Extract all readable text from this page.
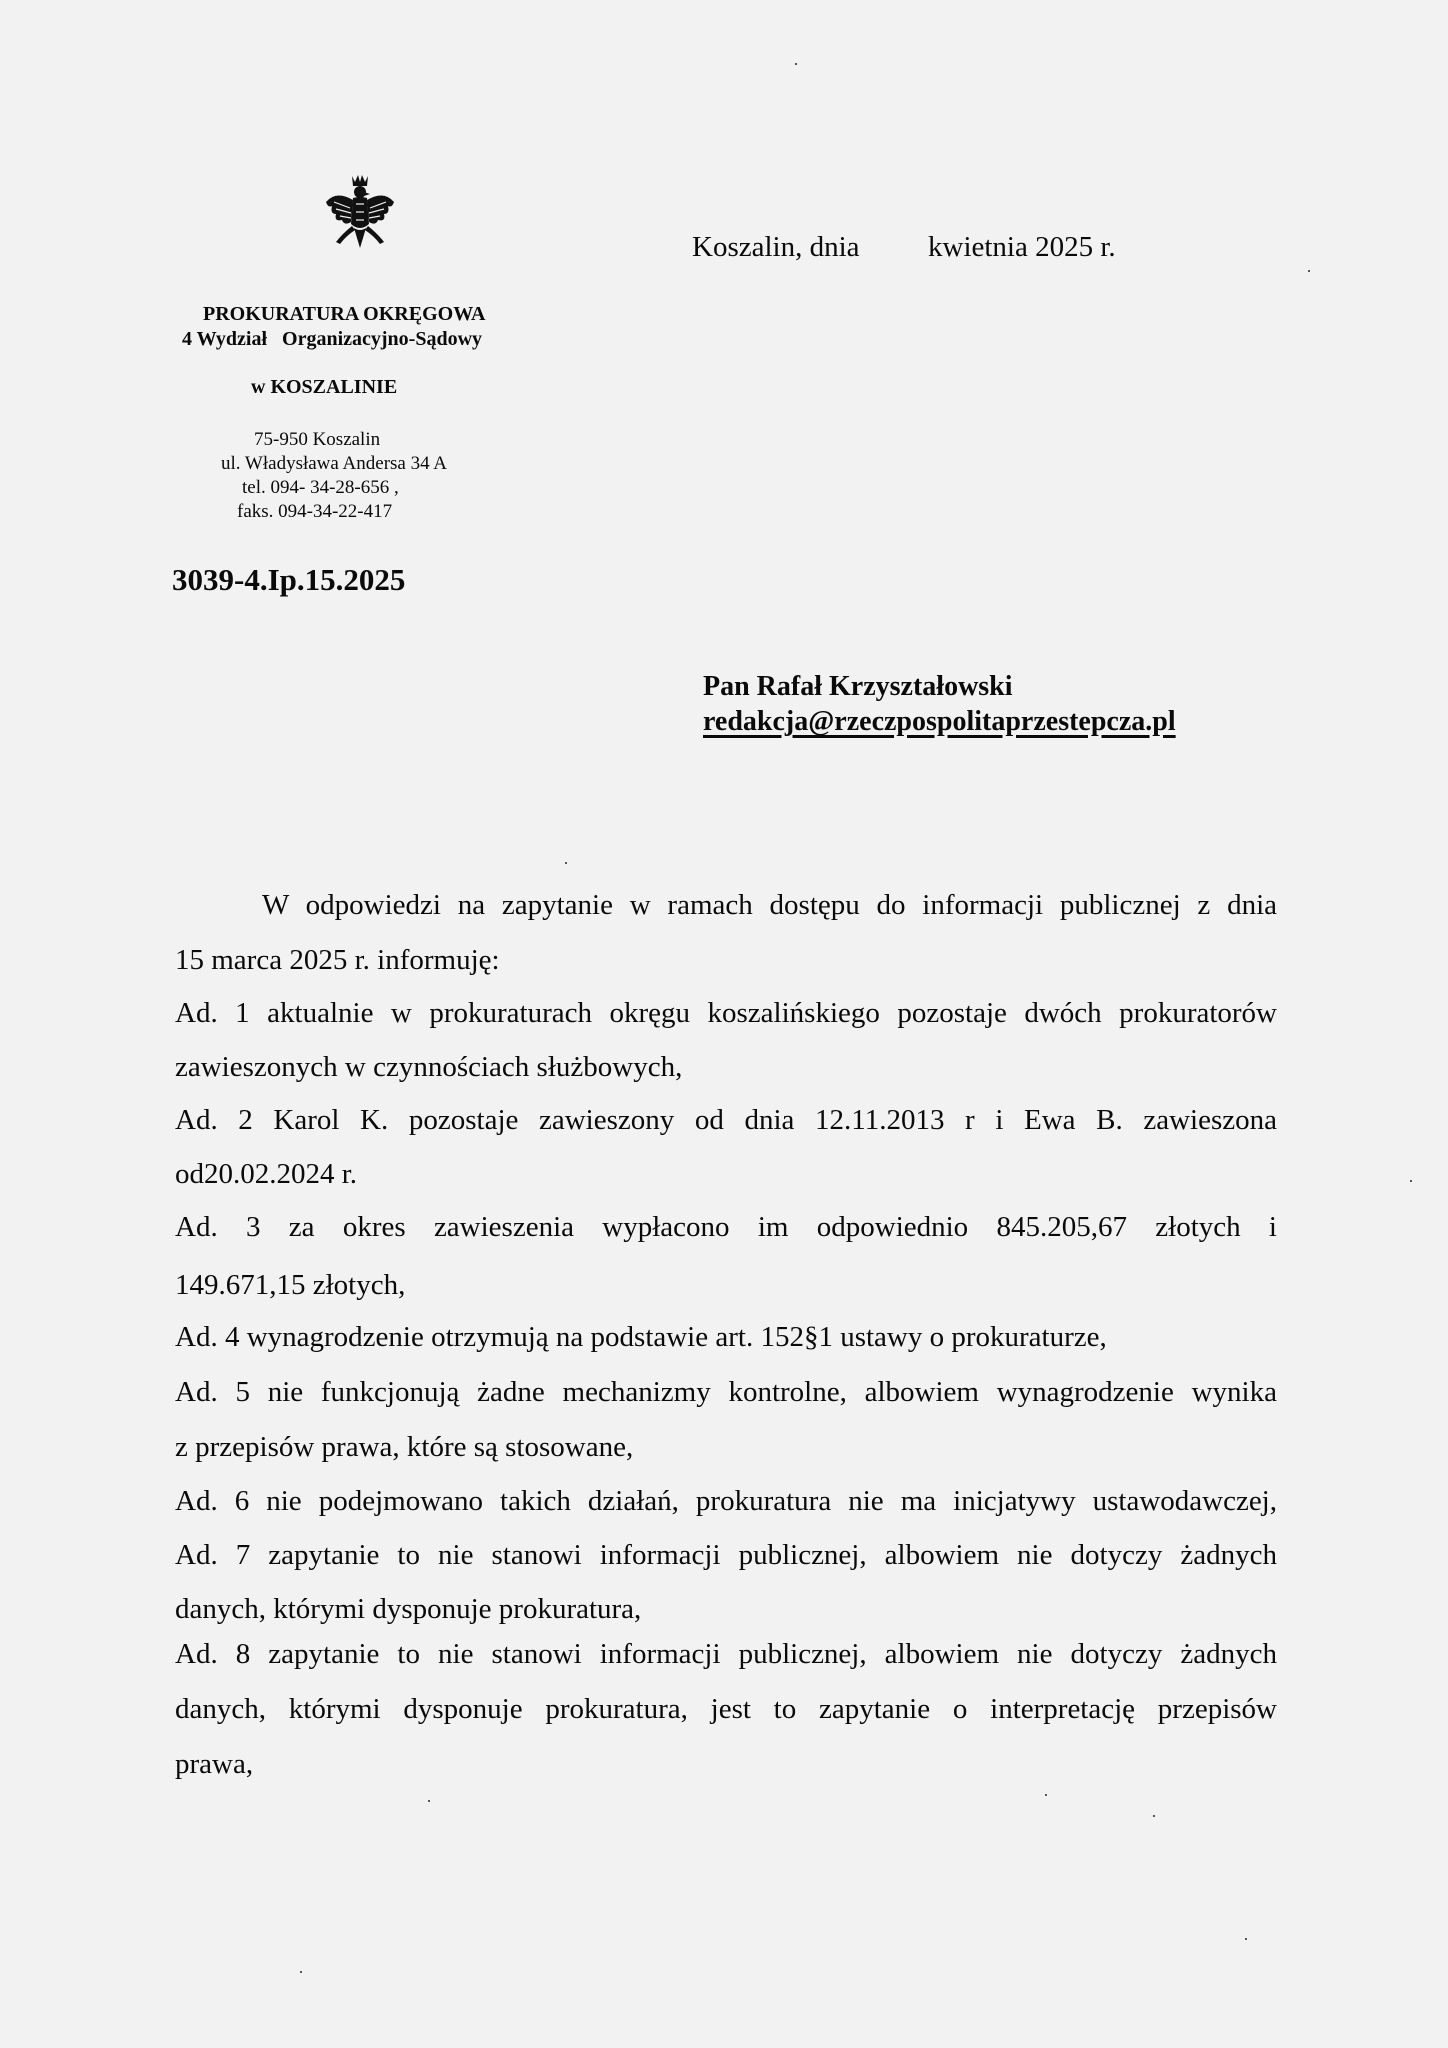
PROKURATURA OKRĘGOWA
4 Wydział   Organizacyjno-Sądowy
w KOSZALINIE
75-950 Koszalin
ul. Władysława Andersa 34 A
tel. 094- 34-28-656 ,
faks. 094-34-22-417
3039-4.Ip.15.2025
Koszalin, dnia kwietnia 2025 r.
Pan Rafał Krzyształowski
redakcja@rzeczpospolitaprzestepcza.pl
W odpowiedzi na zapytanie w ramach dostępu do informacji publicznej z dnia
15 marca 2025 r. informuję:
Ad. 1 aktualnie w prokuraturach okręgu koszalińskiego pozostaje dwóch prokuratorów
zawieszonych w czynnościach służbowych,
Ad. 2 Karol K. pozostaje zawieszony od dnia 12.11.2013 r i Ewa B. zawieszona
od20.02.2024 r.
Ad. 3 za okres zawieszenia wypłacono im odpowiednio 845.205,67 złotych i
149.671,15 złotych,
Ad. 4 wynagrodzenie otrzymują na podstawie art. 152§1 ustawy o prokuraturze,
Ad. 5 nie funkcjonują żadne mechanizmy kontrolne, albowiem wynagrodzenie wynika
z przepisów prawa, które są stosowane,
Ad. 6 nie podejmowano takich działań, prokuratura nie ma inicjatywy ustawodawczej,
Ad. 7 zapytanie to nie stanowi informacji publicznej, albowiem nie dotyczy żadnych
danych, którymi dysponuje prokuratura,
Ad. 8 zapytanie to nie stanowi informacji publicznej, albowiem nie dotyczy żadnych
danych, którymi dysponuje prokuratura, jest to zapytanie o interpretację przepisów
prawa,
